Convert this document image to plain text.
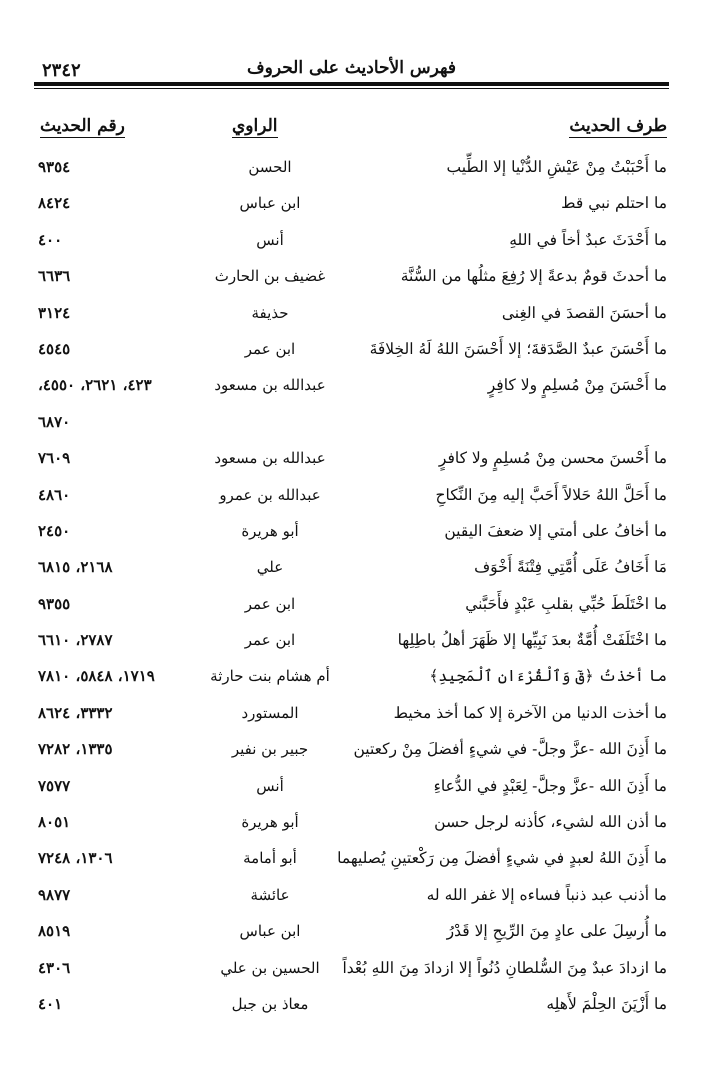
فهرس الأحاديث على الحروف
٢٣٤٢
طرف الحديث
الراوي
رقم الحديث
ما أَحْبَبْتُ مِنْ عَيْشِ الدُّنْيا إلا الطِّيب
الحسن
٩٣٥٤
ما احتلم نبي قط
ابن عباس
٨٤٢٤
ما أَحْدَثَ عبدٌ أخاً في اللهِ
أنس
٤٠٠
ما أحدثَ قومٌ بدعةً إلا رُفِعَ مثلُها من السُّنَّة
غضيف بن الحارث
٦٦٣٦
ما أحسَنَ القصدَ في الغِنى
حذيفة
٣١٢٤
ما أَحْسَنَ عبدٌ الصَّدَقةَ؛ إلا أَحْسَنَ اللهُ لَهُ الخِلافَةَ
ابن عمر
٤٥٤٥
ما أَحْسَنَ مِنْ مُسلِمٍ ولا كافِرٍ
عبدالله بن مسعود
٤٢٣، ٢٦٢١، ٤٥٥٠،
٦٨٧٠
ما أَحْسنَ محسن مِنْ مُسلِمٍ ولا كافرٍ
عبدالله بن مسعود
٧٦٠٩
ما أَحَلَّ اللهُ حَلالاً أَحَبَّ إليه مِنَ النِّكاحِ
عبدالله بن عمرو
٤٨٦٠
ما أخافُ على أمتي إلا ضعفَ اليقين
أبو هريرة
٢٤٥٠
مَا أَخَافُ عَلَى أُمَّتِي فِتْنَةً أَخْوَف
علي
٢١٦٨، ٦٨١٥
ما اخْتَلَطَ حُبِّي بقلبِ عَبْدٍ فأَحَبَّني
ابن عمر
٩٣٥٥
ما اخْتَلَفَتْ أُمَّةٌ بعدَ نَبِيِّها إلا ظَهَرَ أهلُ باطِلِها
ابن عمر
٢٧٨٧، ٦٦١٠
ما أخذتُ ﴿قٓ وَٱلْقُرْءَانِ ٱلْمَجِيدِ﴾
أم هشام بنت حارثة
١٧١٩، ٥٨٤٨، ٧٨١٠
ما أخذت الدنيا من الآخرة إلا كما أخذ مخيط
المستورد
٣٣٣٢، ٨٦٢٤
ما أَذِنَ الله -عزَّ وجلَّ- في شيءٍ أفضلَ مِنْ ركعتين
جبير بن نفير
١٣٣٥، ٧٢٨٢
ما أَذِنَ الله -عزَّ وجلَّ- لِعَبْدٍ في الدُّعاءِ
أنس
٧٥٧٧
ما أذن الله لشيء، كأذنه لرجل حسن
أبو هريرة
٨٠٥١
ما أَذِنَ اللهُ لعبدٍ في شيءٍ أفضلَ مِن رَكْعتينِ يُصليهما
أبو أمامة
١٣٠٦، ٧٢٤٨
ما أذنب عبد ذنباً فساءه إلا غفر الله له
عائشة
٩٨٧٧
ما أُرسِلَ على عادٍ مِنَ الرِّيحِ إلا قَدْرُ
ابن عباس
٨٥١٩
ما ازدادَ عبدٌ مِنَ السُّلطانِ دُنُواً إلا ازدادَ مِنَ اللهِ بُعْداً
الحسين بن علي
٤٣٠٦
ما أَزْيَنَ الحِلْمَ لأَهلِه
معاذ بن جبل
٤٠١
